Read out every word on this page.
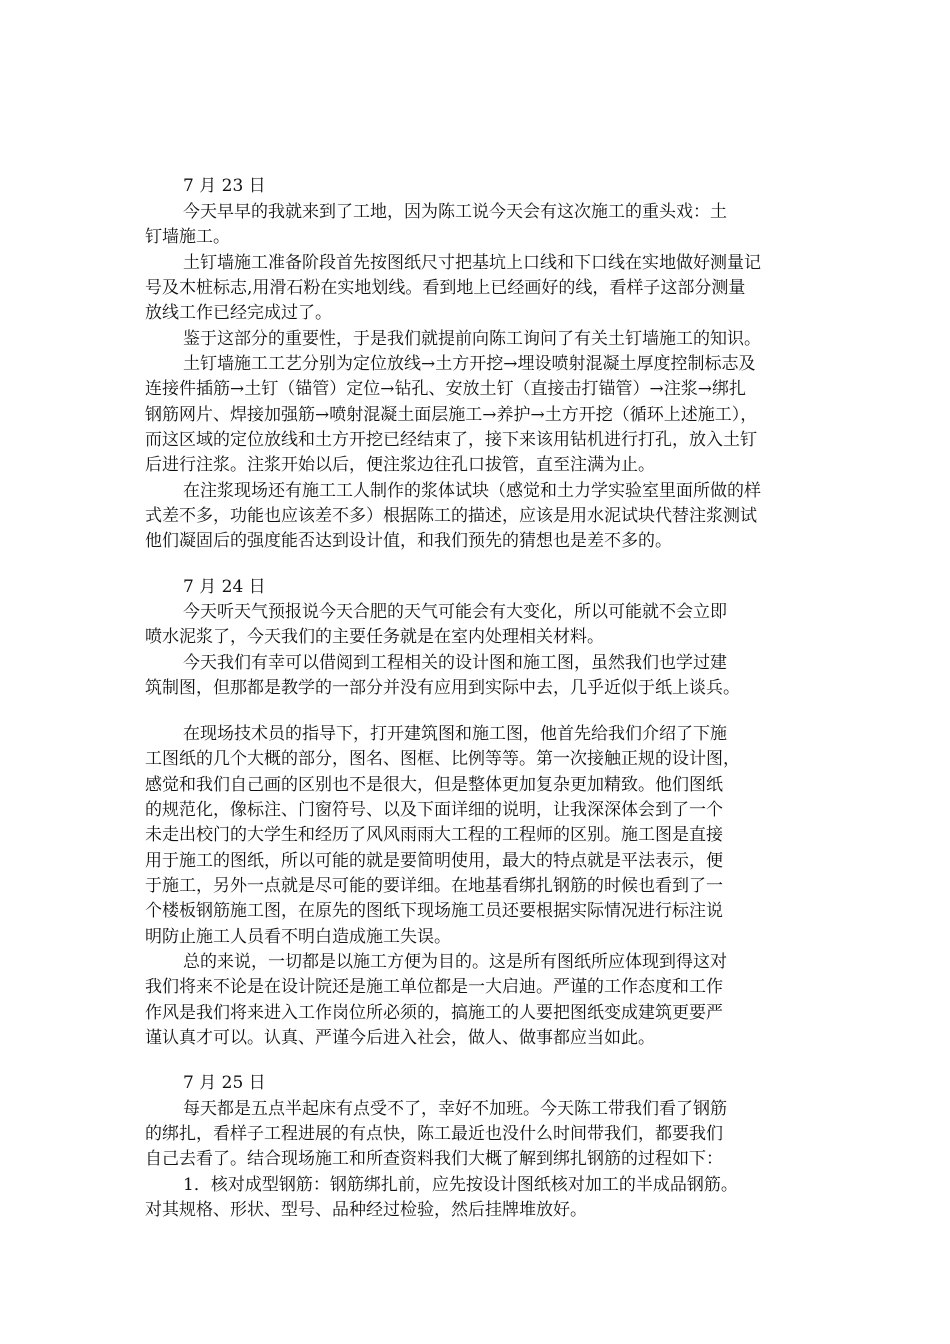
7 月 23 日
今天早早的我就来到了工地，因为陈工说今天会有这次施工的重头戏：土
钉墙施工。
土钉墙施工准备阶段首先按图纸尺寸把基坑上口线和下口线在实地做好测量记
号及木桩标志,用滑石粉在实地划线。看到地上已经画好的线，看样子这部分测量
放线工作已经完成过了。
鉴于这部分的重要性，于是我们就提前向陈工询问了有关土钉墙施工的知识。
土钉墙施工工艺分别为定位放线→土方开挖→埋设喷射混凝土厚度控制标志及
连接件插筋→土钉（锚管）定位→钻孔、安放土钉（直接击打锚管）→注浆→绑扎
钢筋网片、焊接加强筋→喷射混凝土面层施工→养护→土方开挖（循环上述施工），
而这区域的定位放线和土方开挖已经结束了，接下来该用钻机进行打孔，放入土钉
后进行注浆。注浆开始以后，便注浆边往孔口拔管，直至注满为止。
在注浆现场还有施工工人制作的浆体试块（感觉和土力学实验室里面所做的样
式差不多，功能也应该差不多）根据陈工的描述，应该是用水泥试块代替注浆测试
他们凝固后的强度能否达到设计值，和我们预先的猜想也是差不多的。
7 月 24 日
今天听天气预报说今天合肥的天气可能会有大变化，所以可能就不会立即
喷水泥浆了，今天我们的主要任务就是在室内处理相关材料。
今天我们有幸可以借阅到工程相关的设计图和施工图，虽然我们也学过建
筑制图，但那都是教学的一部分并没有应用到实际中去，几乎近似于纸上谈兵。
在现场技术员的指导下，打开建筑图和施工图，他首先给我们介绍了下施
工图纸的几个大概的部分，图名、图框、比例等等。第一次接触正规的设计图，
感觉和我们自己画的区别也不是很大，但是整体更加复杂更加精致。他们图纸
的规范化，像标注、门窗符号、以及下面详细的说明，让我深深体会到了一个
未走出校门的大学生和经历了风风雨雨大工程的工程师的区别。施工图是直接
用于施工的图纸，所以可能的就是要简明使用，最大的特点就是平法表示，便
于施工，另外一点就是尽可能的要详细。在地基看绑扎钢筋的时候也看到了一
个楼板钢筋施工图，在原先的图纸下现场施工员还要根据实际情况进行标注说
明防止施工人员看不明白造成施工失误。
总的来说，一切都是以施工方便为目的。这是所有图纸所应体现到得这对
我们将来不论是在设计院还是施工单位都是一大启迪。严谨的工作态度和工作
作风是我们将来进入工作岗位所必须的，搞施工的人要把图纸变成建筑更要严
谨认真才可以。认真、严谨今后进入社会，做人、做事都应当如此。
7 月 25 日
每天都是五点半起床有点受不了，幸好不加班。今天陈工带我们看了钢筋
的绑扎，看样子工程进展的有点快，陈工最近也没什么时间带我们，都要我们
自己去看了。结合现场施工和所查资料我们大概了解到绑扎钢筋的过程如下：
1．核对成型钢筋：钢筋绑扎前，应先按设计图纸核对加工的半成品钢筋。
对其规格、形状、型号、品种经过检验，然后挂牌堆放好。
